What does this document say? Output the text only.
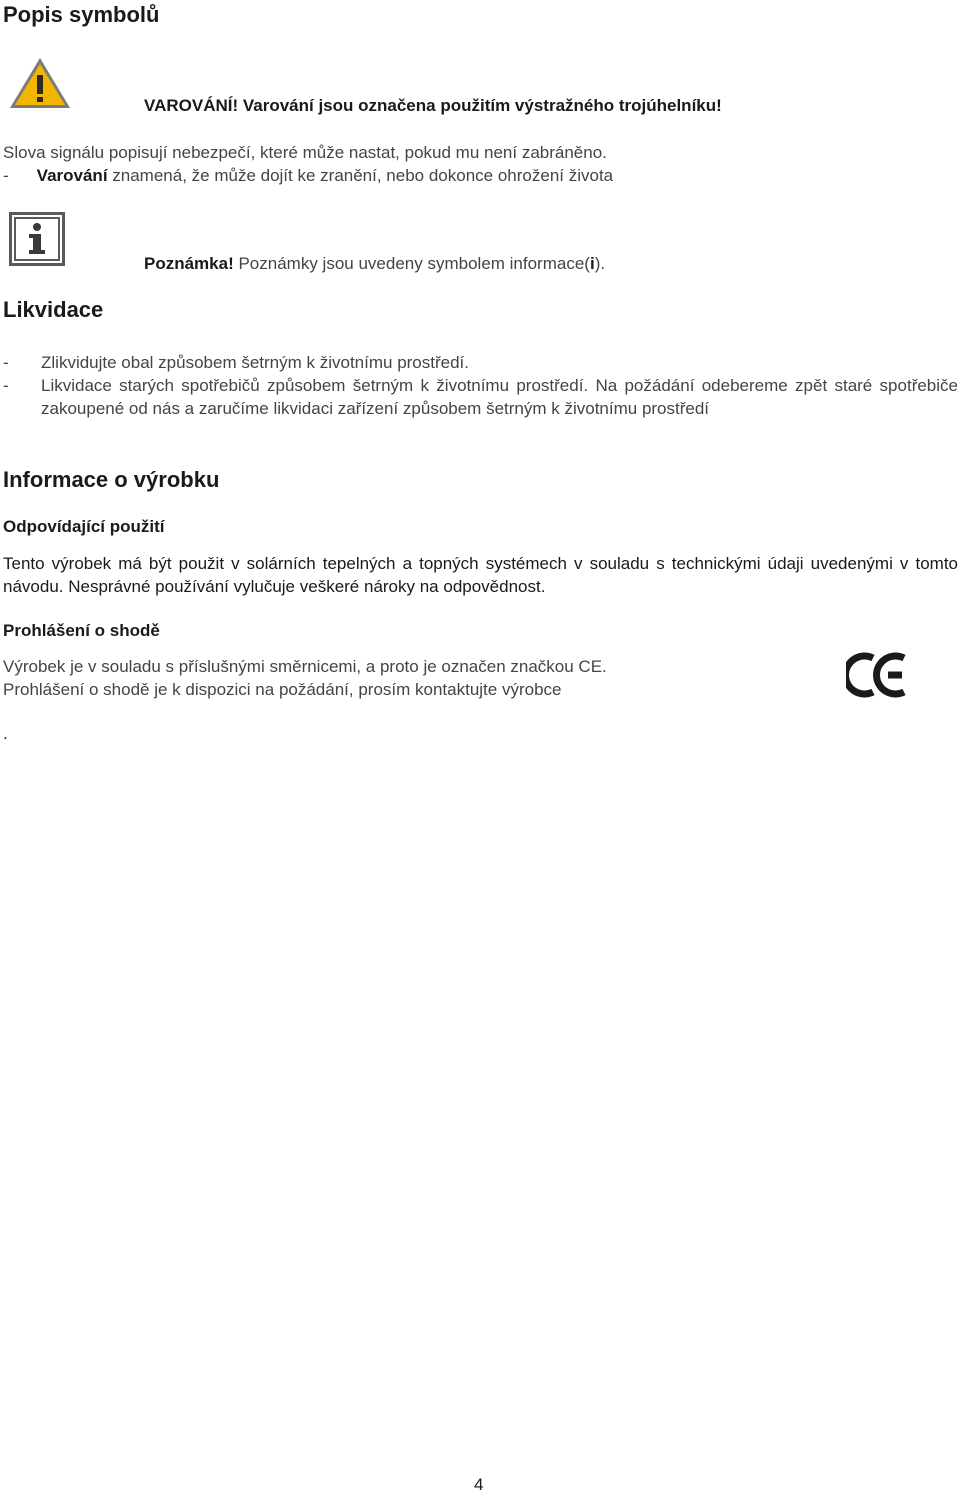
Popis symbolů
VAROVÁNÍ! Varování jsou označena použitím výstražného trojúhelníku!
Slova signálu popisují nebezpečí, které může nastat, pokud mu není zabráněno.
- Varování znamená, že může dojít ke zranění, nebo dokonce ohrožení života
Poznámka! Poznámky jsou uvedeny symbolem informace(i).
Likvidace
-	Zlikvidujte obal způsobem šetrným k životnímu prostředí.
-	Likvidace starých spotřebičů způsobem šetrným k životnímu prostředí. Na požádání odebereme zpět staré spotřebiče zakoupené od nás a zaručíme likvidaci zařízení způsobem šetrným k životnímu prostředí
Informace o výrobku
Odpovídající použití
Tento výrobek má být použit v solárních tepelných a topných systémech v souladu s technickými údaji uvedenými v tomto návodu. Nesprávné používání vylučuje veškeré nároky na odpovědnost.
Prohlášení o shodě
Výrobek je v souladu s příslušnými směrnicemi, a proto je označen značkou CE.
Prohlášení o shodě je k dispozici na požádání, prosím kontaktujte výrobce
.
4
